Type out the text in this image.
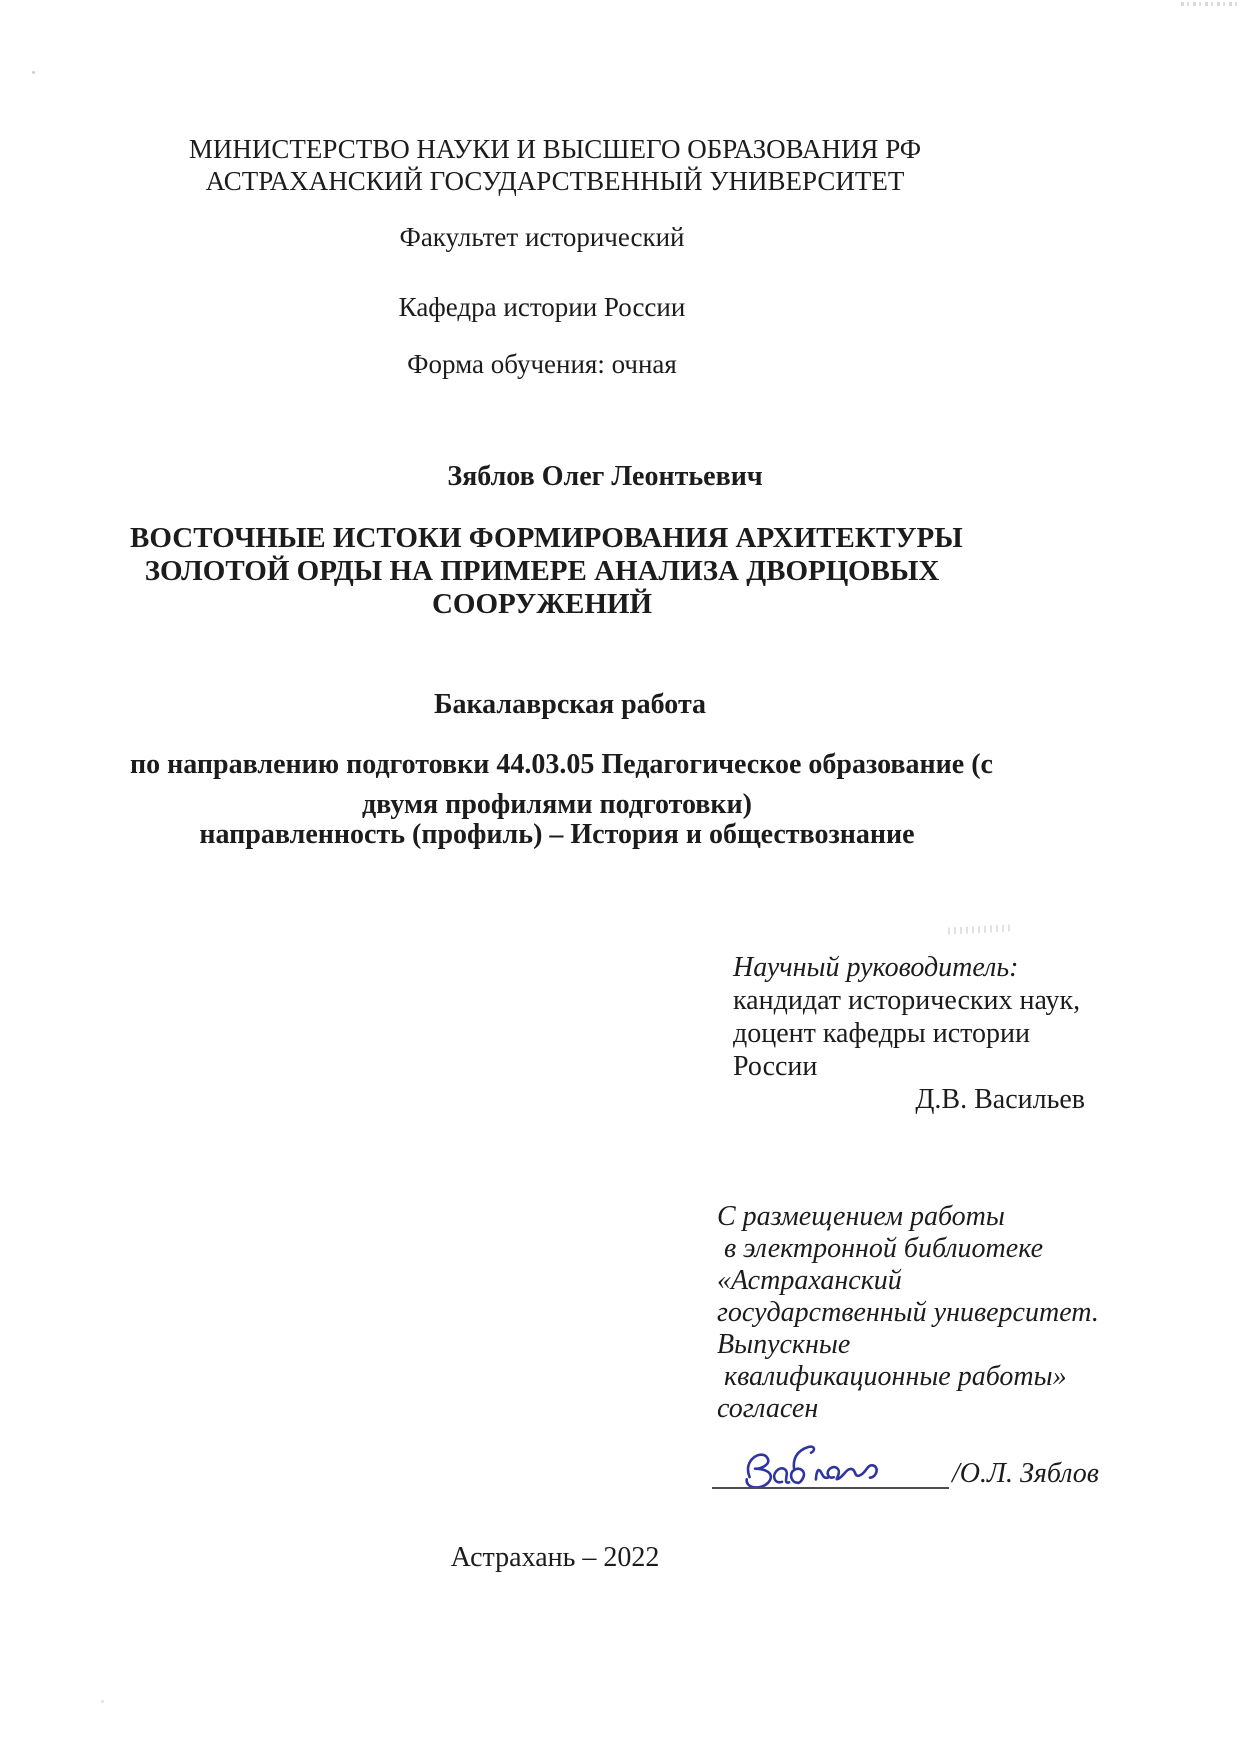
МИНИСТЕРСТВО НАУКИ И ВЫСШЕГО ОБРАЗОВАНИЯ РФ
АСТРАХАНСКИЙ ГОСУДАРСТВЕННЫЙ УНИВЕРСИТЕТ
Факультет исторический
Кафедра истории России
Форма обучения: очная
Зяблов Олег Леонтьевич
ВОСТОЧНЫЕ ИСТОКИ ФОРМИРОВАНИЯ АРХИТЕКТУРЫ
ЗОЛОТОЙ ОРДЫ НА ПРИМЕРЕ АНАЛИЗА ДВОРЦОВЫХ
СООРУЖЕНИЙ
Бакалаврская работа
по направлению подготовки 44.03.05 Педагогическое образование (с
двумя профилями подготовки)
направленность (профиль) – История и обществознание
Научный руководитель:
кандидат исторических наук,
доцент кафедры истории
России
Д.В. Васильев
С размещением работы
в электронной библиотеке
«Астраханский
государственный университет.
Выпускные
квалификационные работы»
согласен
/О.Л. Зяблов
Астрахань – 2022
